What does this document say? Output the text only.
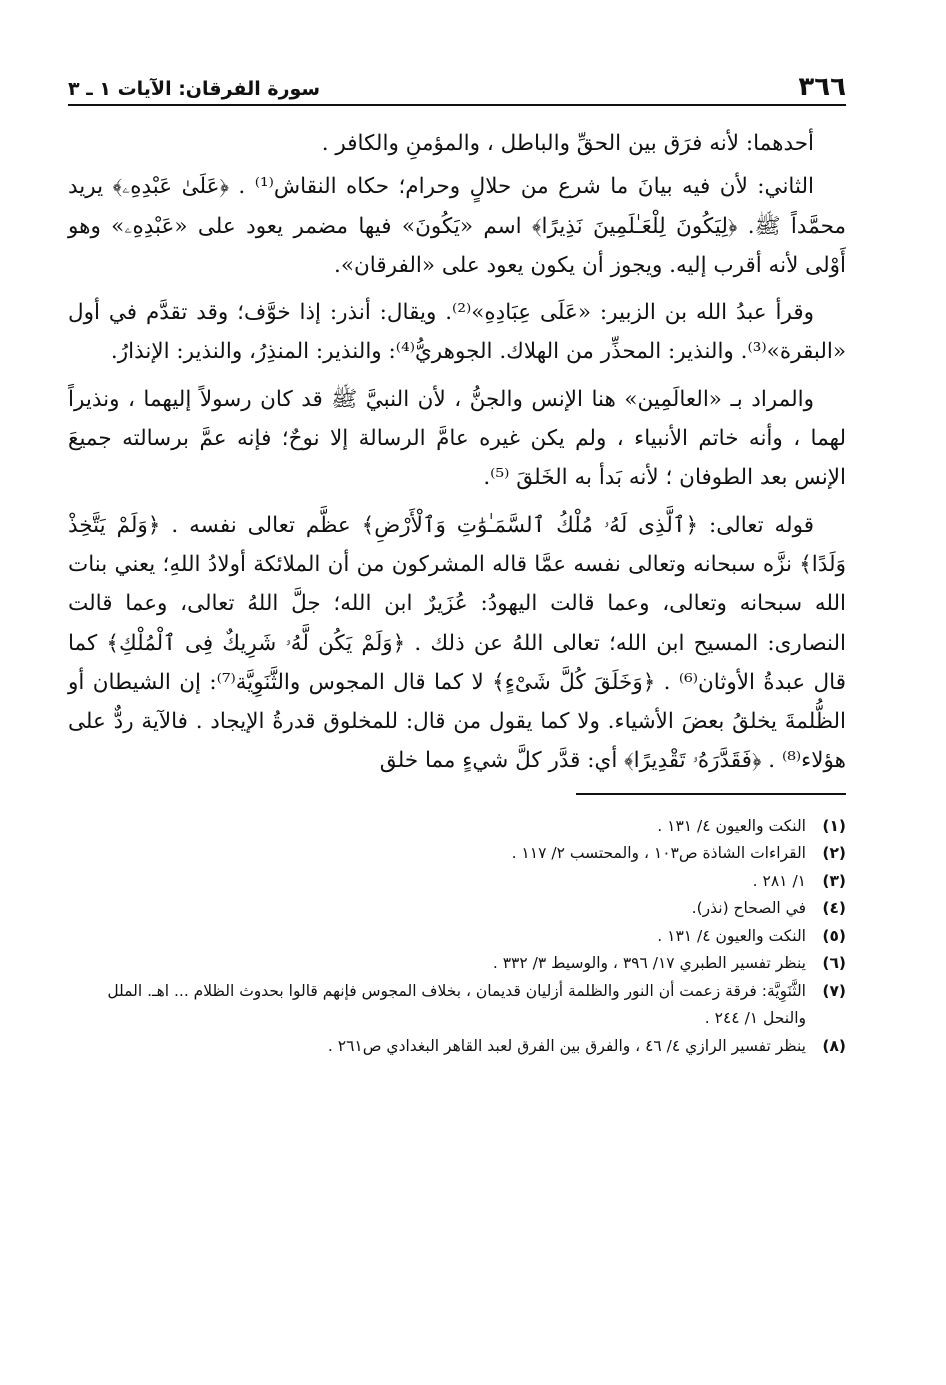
٣٦٦
سورة الفرقان: الآيات ١ ـ ٣

أحدهما: لأنه فرَق بين الحقِّ والباطل ، والمؤمنِ والكافر .

الثاني: لأن فيه بيانَ ما شرع من حلالٍ وحرام؛ حكاه النقاش⁽¹⁾ . ﴿عَلَىٰ عَبْدِهِۦ﴾ يريد محمَّداً ﷺ. ﴿لِيَكُونَ لِلْعَـٰلَمِينَ نَذِيرًا﴾ اسم «يَكُونَ» فيها مضمر يعود على «عَبْدِهِۦ» وهو أَوْلى لأنه أقرب إليه. ويجوز أن يكون يعود على «الفرقان».

وقرأ عبدُ الله بن الزبير: «عَلَى عِبَادِهِ»⁽²⁾. ويقال: أنذر: إذا خوَّف؛ وقد تقدَّم في أول «البقرة»⁽³⁾. والنذير: المحذِّر من الهلاك. الجوهريُّ⁽⁴⁾: والنذير: المنذِرُ، والنذير: الإنذارُ.

والمراد بـ «العالَمِين» هنا الإنس والجنُّ ، لأن النبيَّ ﷺ قد كان رسولاً إليهما ، ونذيراً لهما ، وأنه خاتم الأنبياء ، ولم يكن غيره عامَّ الرسالة إلا نوحٌ؛ فإنه عمَّ برسالته جميعَ الإنس بعد الطوفان ؛ لأنه بَدأ به الخَلقَ ⁽⁵⁾.

قوله تعالى: ﴿ٱلَّذِى لَهُۥ مُلْكُ ٱلسَّمَـٰوَٰتِ وَٱلْأَرْضِ﴾ عظَّم تعالى نفسه . ﴿وَلَمْ يَتَّخِذْ وَلَدًا﴾ نزَّه سبحانه وتعالى نفسه عمَّا قاله المشركون من أن الملائكة أولادُ اللهِ؛ يعني بنات الله سبحانه وتعالى، وعما قالت اليهودُ: عُزَيرٌ ابن الله؛ جلَّ اللهُ تعالى، وعما قالت النصارى: المسيح ابن الله؛ تعالى اللهُ عن ذلك . ﴿وَلَمْ يَكُن لَّهُۥ شَرِيكٌ فِى ٱلْمُلْكِ﴾ كما قال عبدةُ الأوثان⁽⁶⁾ . ﴿وَخَلَقَ كُلَّ شَىْءٍ﴾ لا كما قال المجوس والثَّنَوِيَّة⁽⁷⁾: إن الشيطان أو الظُّلمةَ يخلقُ بعضَ الأشياء. ولا كما يقول من قال: للمخلوق قدرةُ الإيجاد . فالآية ردٌّ على هؤلاء⁽⁸⁾ . ﴿فَقَدَّرَهُۥ تَقْدِيرًا﴾ أي: قدَّر كلَّ شيءٍ مما خلق

(١)
النكت والعيون ٤/ ١٣١ .
(٢)
القراءات الشاذة ص١٠٣ ، والمحتسب ٢/ ١١٧ .
(٣)
١/ ٢٨١ .
(٤)
في الصحاح (نذر).
(٥)
النكت والعيون ٤/ ١٣١ .
(٦)
ينظر تفسير الطبري ١٧/ ٣٩٦ ، والوسيط ٣/ ٣٣٢ .
(٧)
الثَّنَوِيَّة: فرقة زعمت أن النور والظلمة أزليان قديمان ، بخلاف المجوس فإنهم قالوا بحدوث الظلام ... اهـ. الملل والنحل ١/ ٢٤٤ .
(٨)
ينظر تفسير الرازي ٤/ ٤٦ ، والفرق بين الفرق لعبد القاهر البغدادي ص٢٦١ .
